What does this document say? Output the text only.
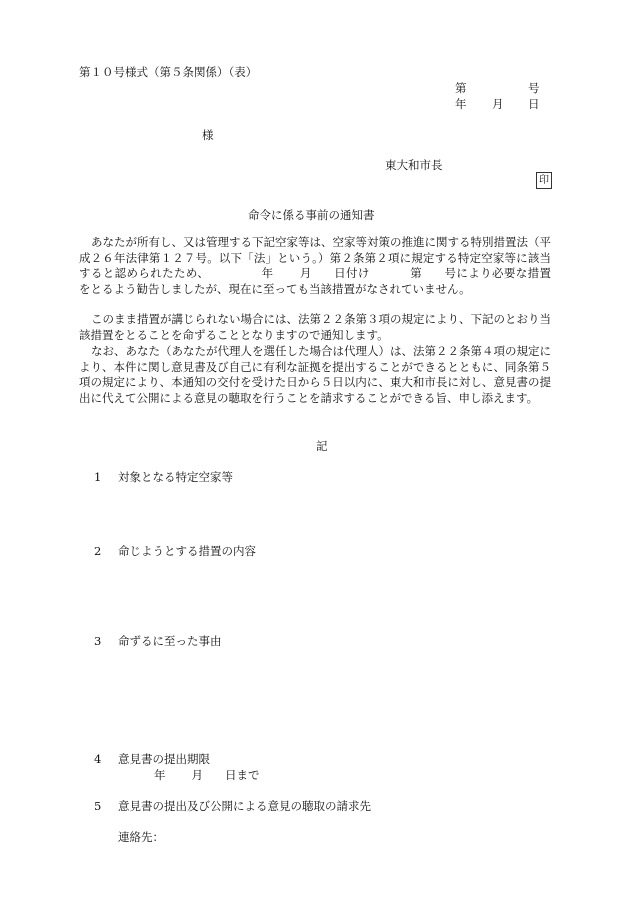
第１０号様式（第５条関係）（表）
第	号
年 月 日
様
東大和市長
印
命令に係る事前の通知書

あなたが所有し、又は管理する下記空家等は、空家等対策の推進に関する特別措置法（平成２６年法律第１２７号。以下「法」という。）第２条第２項に規定する特定空家等に該当すると認められたため、	年 月 日付け	第 号により必要な措置をとるよう勧告しましたが、現在に至っても当該措置がなされていません。

このまま措置が講じられない場合には、法第２２条第３項の規定により、下記のとおり当該措置をとることを命ずることとなりますので通知します。

なお、あなた（あなたが代理人を選任した場合は代理人）は、法第２２条第４項の規定により、本件に関し意見書及び自己に有利な証拠を提出することができるとともに、同条第５項の規定により、本通知の交付を受けた日から５日以内に、東大和市長に対し、意見書の提出に代えて公開による意見の聴取を行うことを請求することができる旨、申し添えます。

記
1 対象となる特定空家等
2 命じようとする措置の内容
3 命ずるに至った事由
4 意見書の提出期限
年 月 日まで
5 意見書の提出及び公開による意見の聴取の請求先
連絡先：
